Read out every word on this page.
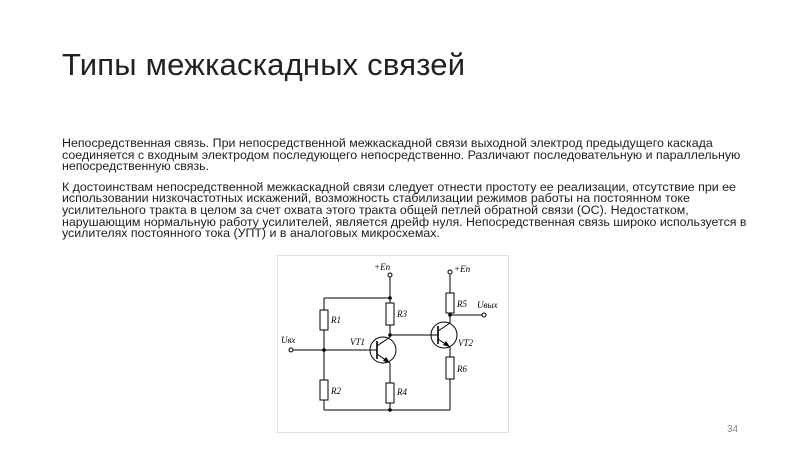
Типы межкаскадных связей

Непосредственная связь. При непосредственной межкаскадной связи выходной электрод предыдущего каскада соединяется с входным электродом последующего непосредственно. Различают последовательную и параллельную непосредственную связь.

К достоинствам непосредственной межкаскадной связи следует отнести простоту ее реализации, отсутствие при ее использовании низкочастотных искажений, возможность стабилизации режимов работы на постоянном токе усилительного тракта в целом за счет охвата этого тракта общей петлей обратной связи (ОС). Недостатком, нарушающим нормальную работу усилителей, является дрейф нуля. Непосредственная связь широко используется в усилителях постоянного тока (УПТ) и в аналоговых микросхемах.

+Eп	+Eп
Uвх
Uвых
R1
R2
R3
R4
R5
R6
VT1	VT2
34
